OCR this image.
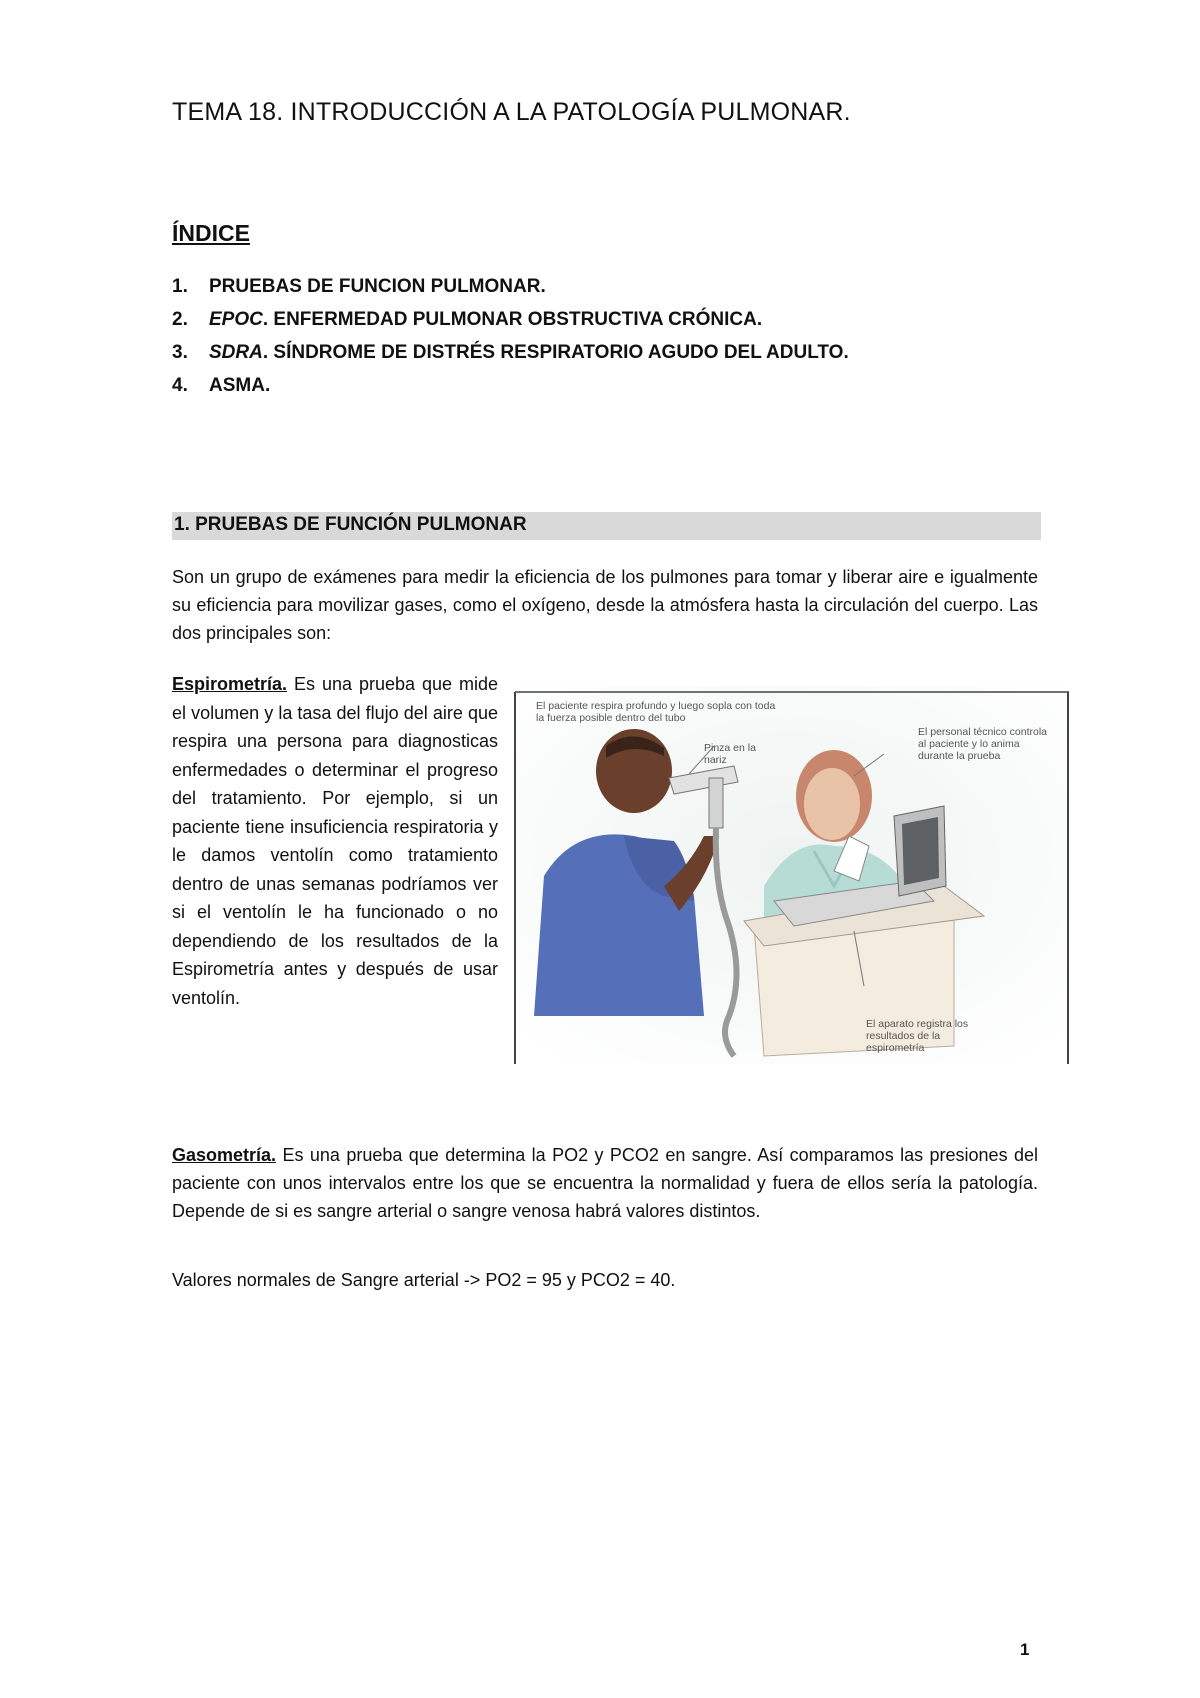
TEMA 18. INTRODUCCIÓN A LA PATOLOGÍA PULMONAR.
ÍNDICE
1.	PRUEBAS DE FUNCION PULMONAR.
2.	EPOC. ENFERMEDAD PULMONAR OBSTRUCTIVA CRÓNICA.
3.	SDRA. SÍNDROME DE DISTRÉS RESPIRATORIO AGUDO DEL ADULTO.
4.	ASMA.
1. PRUEBAS DE FUNCIÓN PULMONAR

Son un grupo de exámenes para medir la eficiencia de los pulmones para tomar y liberar aire e igualmente su eficiencia para movilizar gases, como el oxígeno, desde la atmósfera hasta la circulación del cuerpo. Las dos principales son:

Espirometría. Es una prueba que mide el volumen y la tasa del flujo del aire que respira una persona para diagnosticas enfermedades o determinar el progreso del tratamiento. Por ejemplo, si un paciente tiene insuficiencia respiratoria y le damos ventolín como tratamiento dentro de unas semanas podríamos ver si el ventolín le ha funcionado o no dependiendo de los resultados de la Espirometría antes y después de usar ventolín.

El paciente respira profundo y luego sopla con toda la fuerza posible dentro del tubo
Pinza en la nariz
El personal técnico controla al paciente y lo anima durante la prueba
El aparato registra los resultados de la espirometría

Gasometría. Es una prueba que determina la PO2 y PCO2 en sangre. Así comparamos las presiones del paciente con unos intervalos entre los que se encuentra la normalidad y fuera de ellos sería la patología. Depende de si es sangre arterial o sangre venosa habrá valores distintos.

Valores normales de Sangre arterial -> PO2 = 95 y PCO2 = 40.

1
